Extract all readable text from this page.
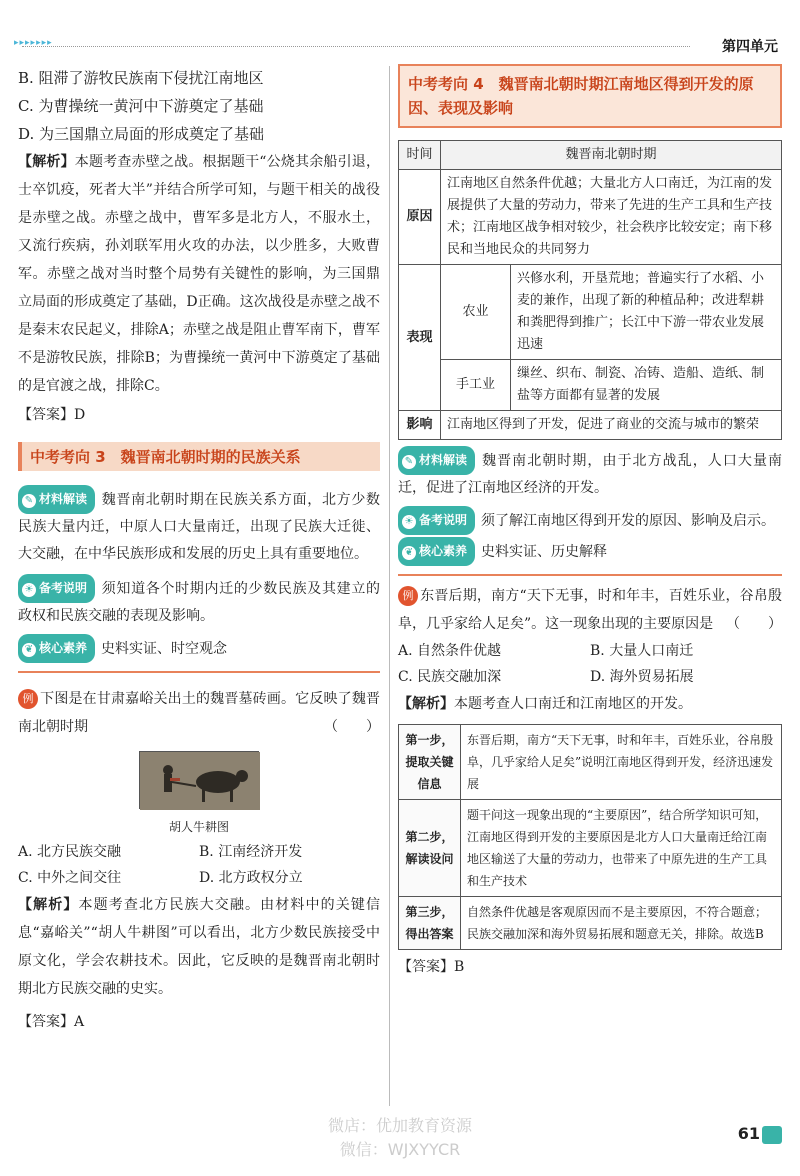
▸▸▸▸▸▸▸	第四单元

B. 阻滞了游牧民族南下侵扰江南地区

C. 为曹操统一黄河中下游奠定了基础

D. 为三国鼎立局面的形成奠定了基础

【解析】本题考查赤壁之战。根据题干“公烧其余船引退，士卒饥疫，死者大半”并结合所学可知，与题干相关的战役是赤壁之战。赤壁之战中，曹军多是北方人，不服水土，又流行疾病，孙刘联军用火攻的办法，以少胜多，大败曹军。赤壁之战对当时整个局势有关键性的影响，为三国鼎立局面的形成奠定了基础，D正确。这次战役是赤壁之战不是秦末农民起义，排除A；赤壁之战是阻止曹军南下，曹军不是游牧民族，排除B；为曹操统一黄河中下游奠定了基础的是官渡之战，排除C。
【答案】D
中考考向 3　魏晋南北朝时期的民族关系
✎ 材料解读 魏晋南北朝时期在民族关系方面，北方少数民族大量内迁，中原人口大量南迁，出现了民族大迁徙、大交融，在中华民族形成和发展的历史上具有重要地位。
☀ 备考说明 须知道各个时期内迁的少数民族及其建立的政权和民族交融的表现及影响。
❦ 核心素养 史料实证、时空观念
例 下图是在甘肃嘉峪关出土的魏晋墓砖画。它反映了魏晋南北朝时期	（　　）
胡人牛耕图
A. 北方民族交融	B. 江南经济开发
C. 中外之间交往	D. 北方政权分立
【解析】本题考查北方民族大交融。由材料中的关键信息“嘉峪关”“胡人牛耕图”可以看出，北方少数民族接受中原文化，学会农耕技术。因此，它反映的是魏晋南北朝时期北方民族交融的史实。
【答案】A
中考考向 4　魏晋南北朝时期江南地区得到开发的原因、表现及影响
时间	魏晋南北朝时期	
原因	江南地区自然条件优越；大量北方人口南迁，为江南的发展提供了大量的劳动力，带来了先进的生产工具和生产技术；江南地区战争相对较少，社会秩序比较安定；南下移民和当地民众的共同努力	
表现	农业	兴修水利，开垦荒地；普遍实行了水稻、小麦的兼作，出现了新的种植品种；改进犁耕和粪肥得到推广；长江中下游一带农业发展迅速
	手工业	缫丝、织布、制瓷、冶铸、造船、造纸、制盐等方面都有显著的发展
影响	江南地区得到了开发，促进了商业的交流与城市的繁荣	
✎ 材料解读 魏晋南北朝时期，由于北方战乱，人口大量南迁，促进了江南地区经济的开发。
☀ 备考说明 须了解江南地区得到开发的原因、影响及启示。
❦ 核心素养 史料实证、历史解释
例 东晋后期，南方“天下无事，时和年丰，百姓乐业，谷帛殷阜，几乎家给人足矣”。这一现象出现的主要原因是 （　　）
A. 自然条件优越	B. 大量人口南迁
C. 民族交融加深	D. 海外贸易拓展
【解析】本题考查人口南迁和江南地区的开发。
第一步，提取关键信息	东晋后期，南方“天下无事，时和年丰，百姓乐业，谷帛殷阜，几乎家给人足矣”说明江南地区得到开发，经济迅速发展
第二步，解读设问	题干问这一现象出现的“主要原因”，结合所学知识可知，江南地区得到开发的主要原因是北方人口大量南迁给江南地区输送了大量的劳动力，也带来了中原先进的生产工具和生产技术
第三步，得出答案	自然条件优越是客观原因而不是主要原因，不符合题意；民族交融加深和海外贸易拓展和题意无关，排除。故选B
【答案】B
微店：优加教育资源
微信：WJXYYCR
61
